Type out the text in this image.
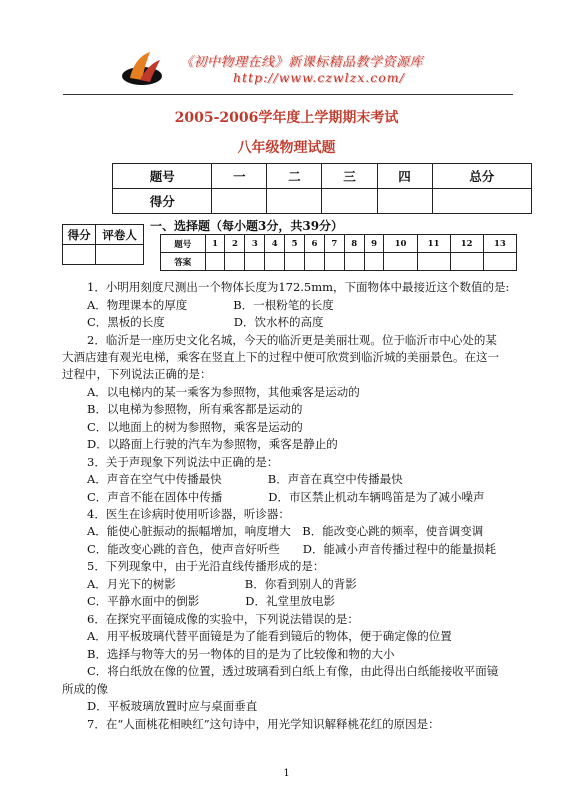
《初中物理在线》新课标精品教学资源库
http://www.czwlzx.com/
2005-2006学年度上学期期末考试
八年级物理试题
题号	一	二	三	四	总分
得分					
得分	评卷人

一、选择题（每小题3分，共39分）
题号	1	2	3	4	5	6	7	8	9	10	11	12	13
答案													
1．小明用刻度尺测出一个物体长度为172.5mm，下面物体中最接近这个数值的是:
A．物理课本的厚度　　　　B．一根粉笔的长度
C．黑板的长度　　　　　　D．饮水杯的高度
2．临沂是一座历史文化名城，今天的临沂更是美丽壮观。位于临沂市中心处的某
大酒店建有观光电梯，乘客在竖直上下的过程中便可欣赏到临沂城的美丽景色。在这一
过程中，下列说法正确的是：
A．以电梯内的某一乘客为参照物，其他乘客是运动的
B．以电梯为参照物，所有乘客都是运动的
C．以地面上的树为参照物，乘客是运动的
D．以路面上行驶的汽车为参照物，乘客是静止的
3．关于声现象下列说法中正确的是：
A．声音在空气中传播最快　　　　B．声音在真空中传播最快
C．声音不能在固体中传播　　　　D．市区禁止机动车辆鸣笛是为了减小噪声
4．医生在诊病时使用听诊器，听诊器：
A．能使心脏振动的振幅增加，响度增大　B．能改变心跳的频率，使音调变调
C．能改变心跳的音色，使声音好听些　　D．能减小声音传播过程中的能量损耗
5．下列现象中，由于光沿直线传播形成的是：
A．月光下的树影　　　　　　B．你看到别人的背影
C．平静水面中的倒影　　　　D．礼堂里放电影
6．在探究平面镜成像的实验中，下列说法错误的是：
A．用平板玻璃代替平面镜是为了能看到镜后的物体，便于确定像的位置
B．选择与物等大的另一物体的目的是为了比较像和物的大小
C．将白纸放在像的位置，透过玻璃看到白纸上有像，由此得出白纸能接收平面镜
所成的像
D．平板玻璃放置时应与桌面垂直
7．在“人面桃花相映红”这句诗中，用光学知识解释桃花红的原因是：
1
